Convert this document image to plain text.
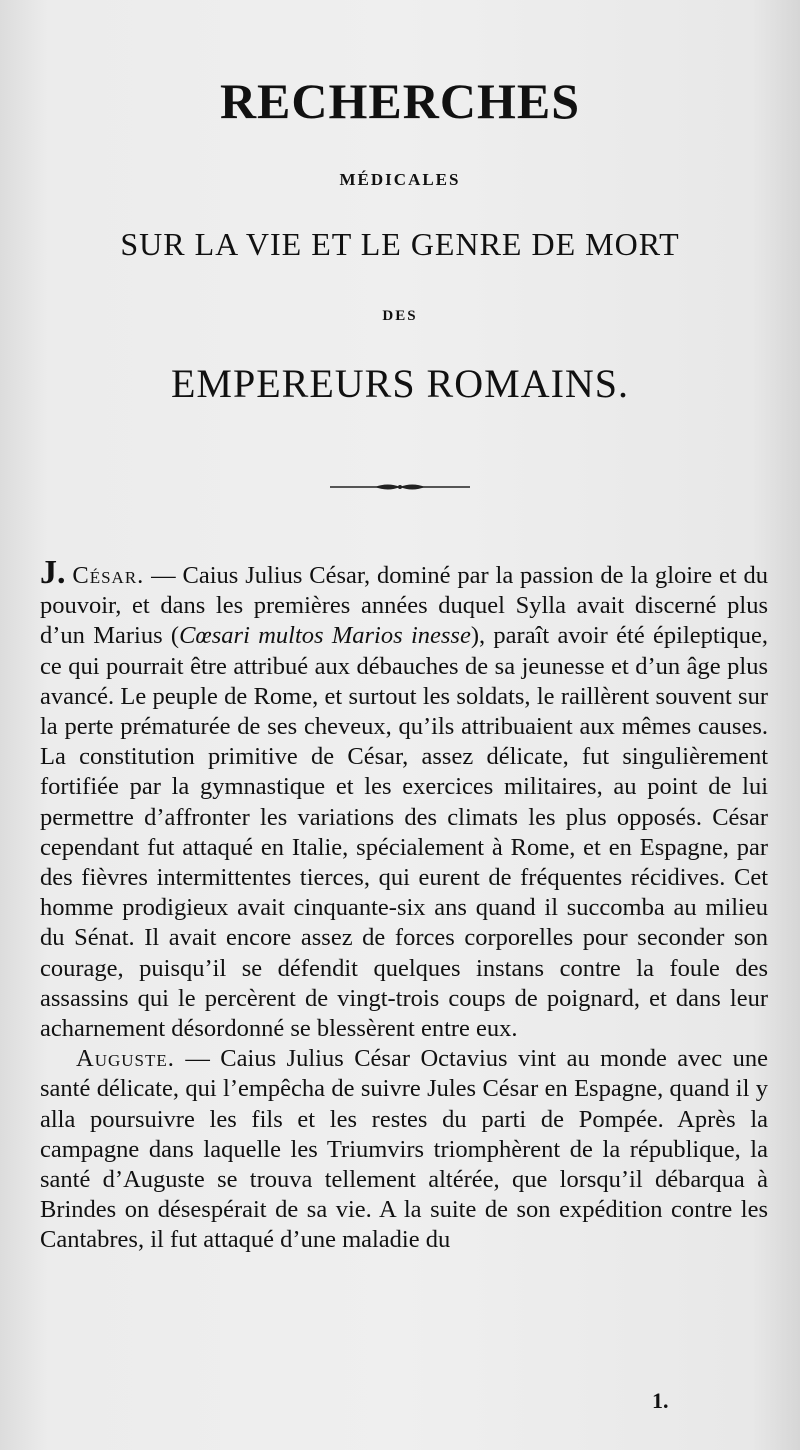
RECHERCHES
MÉDICALES
SUR LA VIE ET LE GENRE DE MORT
DES
EMPEREURS ROMAINS.

J. César. — Caius Julius César, dominé par la passion de la gloire et du pouvoir, et dans les premières années duquel Sylla avait discerné plus d’un Marius (Cœsari multos Marios inesse), paraît avoir été épileptique, ce qui pourrait être attribué aux débauches de sa jeunesse et d’un âge plus avancé. Le peuple de Rome, et surtout les soldats, le raillèrent souvent sur la perte prématurée de ses cheveux, qu’ils attribuaient aux mêmes causes. La constitution primitive de César, assez délicate, fut singulièrement fortifiée par la gymnastique et les exercices militaires, au point de lui permettre d’affronter les variations des climats les plus opposés. César cependant fut attaqué en Italie, spécialement à Rome, et en Espagne, par des fièvres intermittentes tierces, qui eurent de fréquentes récidives. Cet homme prodigieux avait cinquante-six ans quand il succomba au milieu du Sénat. Il avait encore assez de forces corporelles pour seconder son courage, puisqu’il se défendit quelques instans contre la foule des assassins qui le percèrent de vingt-trois coups de poignard, et dans leur acharnement désordonné se blessèrent entre eux.

Auguste. — Caius Julius César Octavius vint au monde avec une santé délicate, qui l’empêcha de suivre Jules César en Espagne, quand il y alla poursuivre les fils et les restes du parti de Pompée. Après la campagne dans laquelle les Triumvirs triomphèrent de la république, la santé d’Auguste se trouva tellement altérée, que lorsqu’il débarqua à Brindes on désespérait de sa vie. A la suite de son expédition contre les Cantabres, il fut attaqué d’une maladie du

1.
